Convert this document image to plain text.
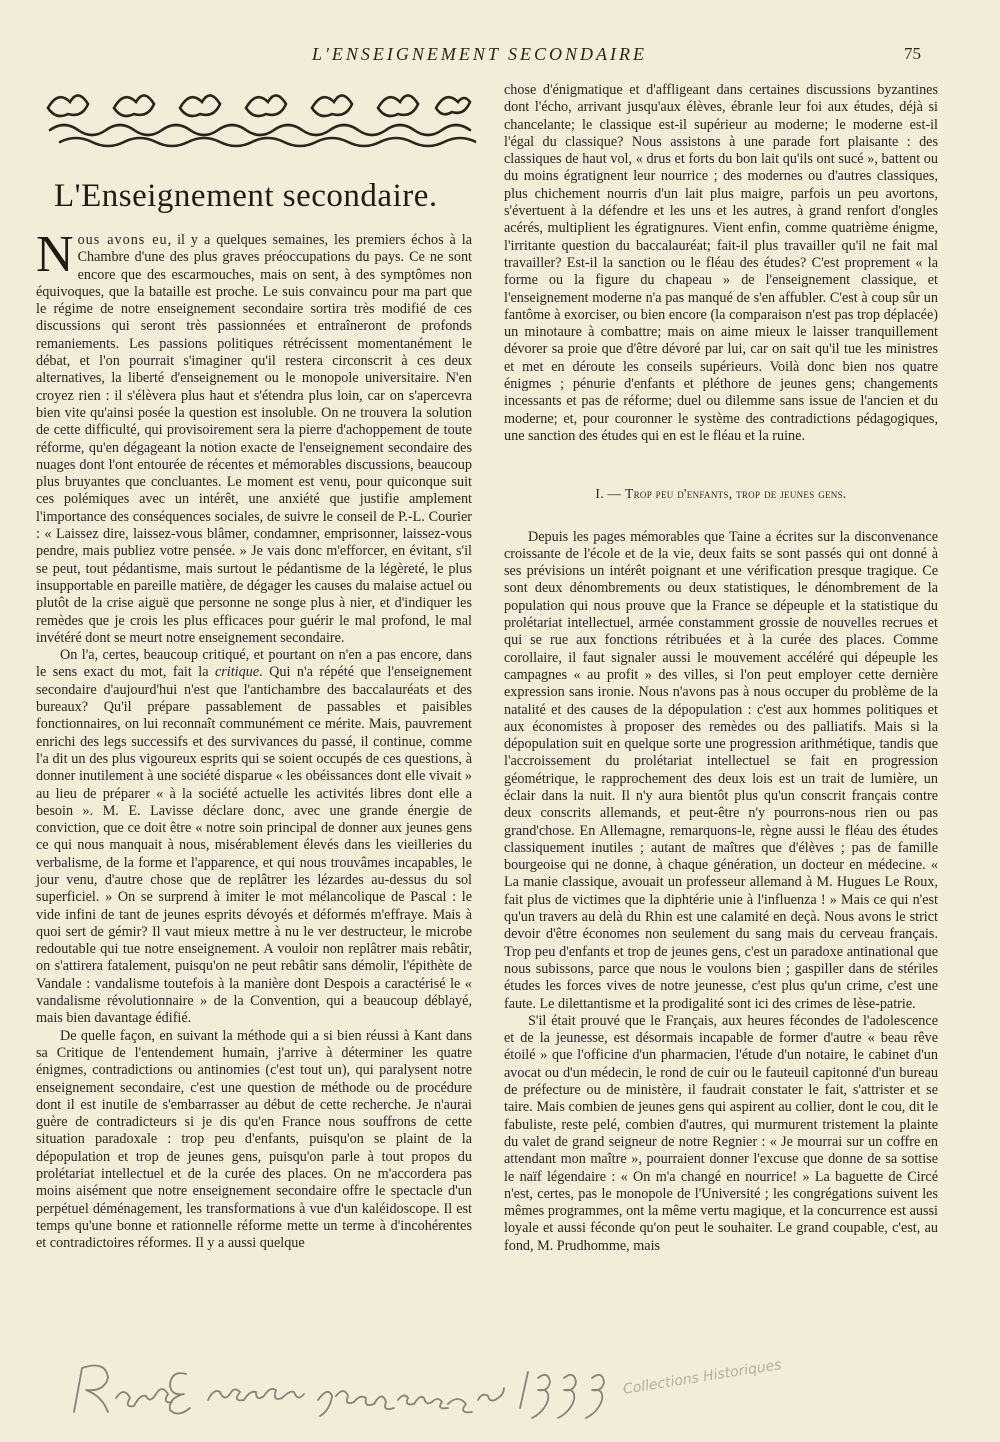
L'ENSEIGNEMENT SECONDAIRE	75
L'Enseignement secondaire.

Nous avons eu, il y a quelques semaines, les premiers échos à la Chambre d'une des plus graves préoccupations du pays. Ce ne sont encore que des escarmouches, mais on sent, à des symptômes non équivoques, que la bataille est proche. Le suis convaincu pour ma part que le régime de notre enseignement secondaire sortira très modifié de ces discussions qui seront très passionnées et entraîneront de profonds remaniements. Les passions politiques rétrécissent momentanément le débat, et l'on pourrait s'imaginer qu'il restera circonscrit à ces deux alternatives, la liberté d'enseignement ou le monopole universitaire. N'en croyez rien : il s'élèvera plus haut et s'étendra plus loin, car on s'apercevra bien vite qu'ainsi posée la question est insoluble. On ne trouvera la solution de cette difficulté, qui provisoirement sera la pierre d'achoppement de toute réforme, qu'en dégageant la notion exacte de l'enseignement secondaire des nuages dont l'ont entourée de récentes et mémorables discussions, beaucoup plus bruyantes que concluantes. Le moment est venu, pour quiconque suit ces polémiques avec un intérêt, une anxiété que justifie amplement l'importance des conséquences sociales, de suivre le conseil de P.-L. Courier : « Laissez dire, laissez-vous blâmer, condamner, emprisonner, laissez-vous pendre, mais publiez votre pensée. » Je vais donc m'efforcer, en évitant, s'il se peut, tout pédantisme, mais surtout le pédantisme de la légèreté, le plus insupportable en pareille matière, de dégager les causes du malaise actuel ou plutôt de la crise aiguë que personne ne songe plus à nier, et d'indiquer les remèdes que je crois les plus efficaces pour guérir le mal profond, le mal invétéré dont se meurt notre enseignement secondaire.

On l'a, certes, beaucoup critiqué, et pourtant on n'en a pas encore, dans le sens exact du mot, fait la critique. Qui n'a répété que l'enseignement secondaire d'aujourd'hui n'est que l'antichambre des baccalauréats et des bureaux? Qu'il prépare passablement de passables et paisibles fonctionnaires, on lui reconnaît communément ce mérite. Mais, pauvrement enrichi des legs successifs et des survivances du passé, il continue, comme l'a dit un des plus vigoureux esprits qui se soient occupés de ces questions, à donner inutilement à une société disparue « les obéissances dont elle vivait » au lieu de préparer « à la société actuelle les activités libres dont elle a besoin ». M. E. Lavisse déclare donc, avec une grande énergie de conviction, que ce doit être « notre soin principal de donner aux jeunes gens ce qui nous manquait à nous, misérablement élevés dans les vieilleries du verbalisme, de la forme et l'apparence, et qui nous trouvâmes incapables, le jour venu, d'autre chose que de replâtrer les lézardes au-dessus du sol superficiel. » On se surprend à imiter le mot mélancolique de Pascal : le vide infini de tant de jeunes esprits dévoyés et déformés m'effraye. Mais à quoi sert de gémir? Il vaut mieux mettre à nu le ver destructeur, le microbe redoutable qui tue notre enseignement. A vouloir non replâtrer mais rebâtir, on s'attirera fatalement, puisqu'on ne peut rebâtir sans démolir, l'épithète de Vandale : vandalisme toutefois à la manière dont Despois a caractérisé le « vandalisme révolutionnaire » de la Convention, qui a beaucoup déblayé, mais bien davantage édifié.

De quelle façon, en suivant la méthode qui a si bien réussi à Kant dans sa Critique de l'entendement humain, j'arrive à déterminer les quatre énigmes, contradictions ou antinomies (c'est tout un), qui paralysent notre enseignement secondaire, c'est une question de méthode ou de procédure dont il est inutile de s'embarrasser au début de cette recherche. Je n'aurai guère de contradicteurs si je dis qu'en France nous souffrons de cette situation paradoxale : trop peu d'enfants, puisqu'on se plaint de la dépopulation et trop de jeunes gens, puisqu'on parle à tout propos du prolétariat intellectuel et de la curée des places. On ne m'accordera pas moins aisément que notre enseignement secondaire offre le spectacle d'un perpétuel déménagement, les transformations à vue d'un kaléidoscope. Il est temps qu'une bonne et rationnelle réforme mette un terme à d'incohérentes et contradictoires réformes. Il y a aussi quelque

chose d'énigmatique et d'affligeant dans certaines discussions byzantines dont l'écho, arrivant jusqu'aux élèves, ébranle leur foi aux études, déjà si chancelante; le classique est-il supérieur au moderne; le moderne est-il l'égal du classique? Nous assistons à une parade fort plaisante : des classiques de haut vol, « drus et forts du bon lait qu'ils ont sucé », battent ou du moins égratignent leur nourrice ; des modernes ou d'autres classiques, plus chichement nourris d'un lait plus maigre, parfois un peu avortons, s'évertuent à la défendre et les uns et les autres, à grand renfort d'ongles acérés, multiplient les égratignures. Vient enfin, comme quatrième énigme, l'irritante question du baccalauréat; fait-il plus travailler qu'il ne fait mal travailler? Est-il la sanction ou le fléau des études? C'est proprement « la forme ou la figure du chapeau » de l'enseignement classique, et l'enseignement moderne n'a pas manqué de s'en affubler. C'est à coup sûr un fantôme à exorciser, ou bien encore (la comparaison n'est pas trop déplacée) un minotaure à combattre; mais on aime mieux le laisser tranquillement dévorer sa proie que d'être dévoré par lui, car on sait qu'il tue les ministres et met en déroute les conseils supérieurs. Voilà donc bien nos quatre énigmes ; pénurie d'enfants et pléthore de jeunes gens; changements incessants et pas de réforme; duel ou dilemme sans issue de l'ancien et du moderne; et, pour couronner le système des contradictions pédagogiques, une sanction des études qui en est le fléau et la ruine.

I. — Trop peu d'enfants, trop de jeunes gens.

Depuis les pages mémorables que Taine a écrites sur la disconvenance croissante de l'école et de la vie, deux faits se sont passés qui ont donné à ses prévisions un intérêt poignant et une vérification presque tragique. Ce sont deux dénombrements ou deux statistiques, le dénombrement de la population qui nous prouve que la France se dépeuple et la statistique du prolétariat intellectuel, armée constamment grossie de nouvelles recrues et qui se rue aux fonctions rétribuées et à la curée des places. Comme corollaire, il faut signaler aussi le mouvement accéléré qui dépeuple les campagnes « au profit » des villes, si l'on peut employer cette dernière expression sans ironie. Nous n'avons pas à nous occuper du problème de la natalité et des causes de la dépopulation : c'est aux hommes politiques et aux économistes à proposer des remèdes ou des palliatifs. Mais si la dépopulation suit en quelque sorte une progression arithmétique, tandis que l'accroissement du prolétariat intellectuel se fait en progression géométrique, le rapprochement des deux lois est un trait de lumière, un éclair dans la nuit. Il n'y aura bientôt plus qu'un conscrit français contre deux conscrits allemands, et peut-être n'y pourrons-nous rien ou pas grand'chose. En Allemagne, remarquons-le, règne aussi le fléau des études classiquement inutiles ; autant de maîtres que d'élèves ; pas de famille bourgeoise qui ne donne, à chaque génération, un docteur en médecine. « La manie classique, avouait un professeur allemand à M. Hugues Le Roux, fait plus de victimes que la diphtérie unie à l'influenza ! » Mais ce qui n'est qu'un travers au delà du Rhin est une calamité en deçà. Nous avons le strict devoir d'être économes non seulement du sang mais du cerveau français. Trop peu d'enfants et trop de jeunes gens, c'est un paradoxe antinational que nous subissons, parce que nous le voulons bien ; gaspiller dans de stériles études les forces vives de notre jeunesse, c'est plus qu'un crime, c'est une faute. Le dilettantisme et la prodigalité sont ici des crimes de lèse-patrie.

S'il était prouvé que le Français, aux heures fécondes de l'adolescence et de la jeunesse, est désormais incapable de former d'autre « beau rêve étoilé » que l'officine d'un pharmacien, l'étude d'un notaire, le cabinet d'un avocat ou d'un médecin, le rond de cuir ou le fauteuil capitonné d'un bureau de préfecture ou de ministère, il faudrait constater le fait, s'attrister et se taire. Mais combien de jeunes gens qui aspirent au collier, dont le cou, dit le fabuliste, reste pelé, combien d'autres, qui murmurent tristement la plainte du valet de grand seigneur de notre Regnier : « Je mourrai sur un coffre en attendant mon maître », pourraient donner l'excuse que donne de sa sottise le naïf légendaire : « On m'a changé en nourrice! » La baguette de Circé n'est, certes, pas le monopole de l'Université ; les congrégations suivent les mêmes programmes, ont la même vertu magique, et la concurrence est aussi loyale et aussi féconde qu'on peut le souhaiter. Le grand coupable, c'est, au fond, M. Prudhomme, mais

Collections Historiques
